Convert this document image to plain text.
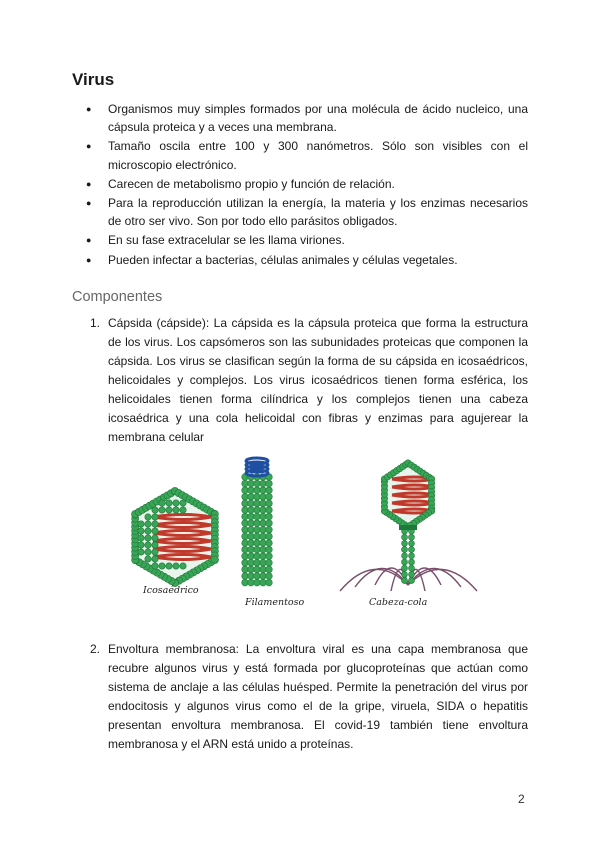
Virus
● Organismos muy simples formados por una molécula de ácido nucleico, una cápsula proteica y a veces una membrana.
● Tamaño oscila entre 100 y 300 nanómetros. Sólo son visibles con el microscopio electrónico.
● Carecen de metabolismo propio y función de relación.
● Para la reproducción utilizan la energía, la materia y los enzimas necesarios de otro ser vivo. Son por todo ello parásitos obligados.
● En su fase extracelular se les llama viriones.
● Pueden infectar a bacterias, células animales y células vegetales.
Componentes
1. Cápsida (cápside): La cápsida es la cápsula proteica que forma la estructura de los virus. Los capsómeros son las subunidades proteicas que componen la cápsida. Los virus se clasifican según la forma de su cápsida en icosaédricos, helicoidales y complejos. Los virus icosaédricos tienen forma esférica, los helicoidales tienen forma cilíndrica y los complejos tienen una cabeza icosaédrica y una cola helicoidal con fibras y enzimas para agujerear la membrana celular
Icosaédrico
Filamentoso	Cabeza-cola
2. Envoltura membranosa: La envoltura viral es una capa membranosa que recubre algunos virus y está formada por glucoproteínas que actúan como sistema de anclaje a las células huésped. Permite la penetración del virus por endocitosis y algunos virus como el de la gripe, viruela, SIDA o hepatitis presentan envoltura membranosa. El covid-19 también tiene envoltura membranosa y el ARN está unido a proteínas.
2
